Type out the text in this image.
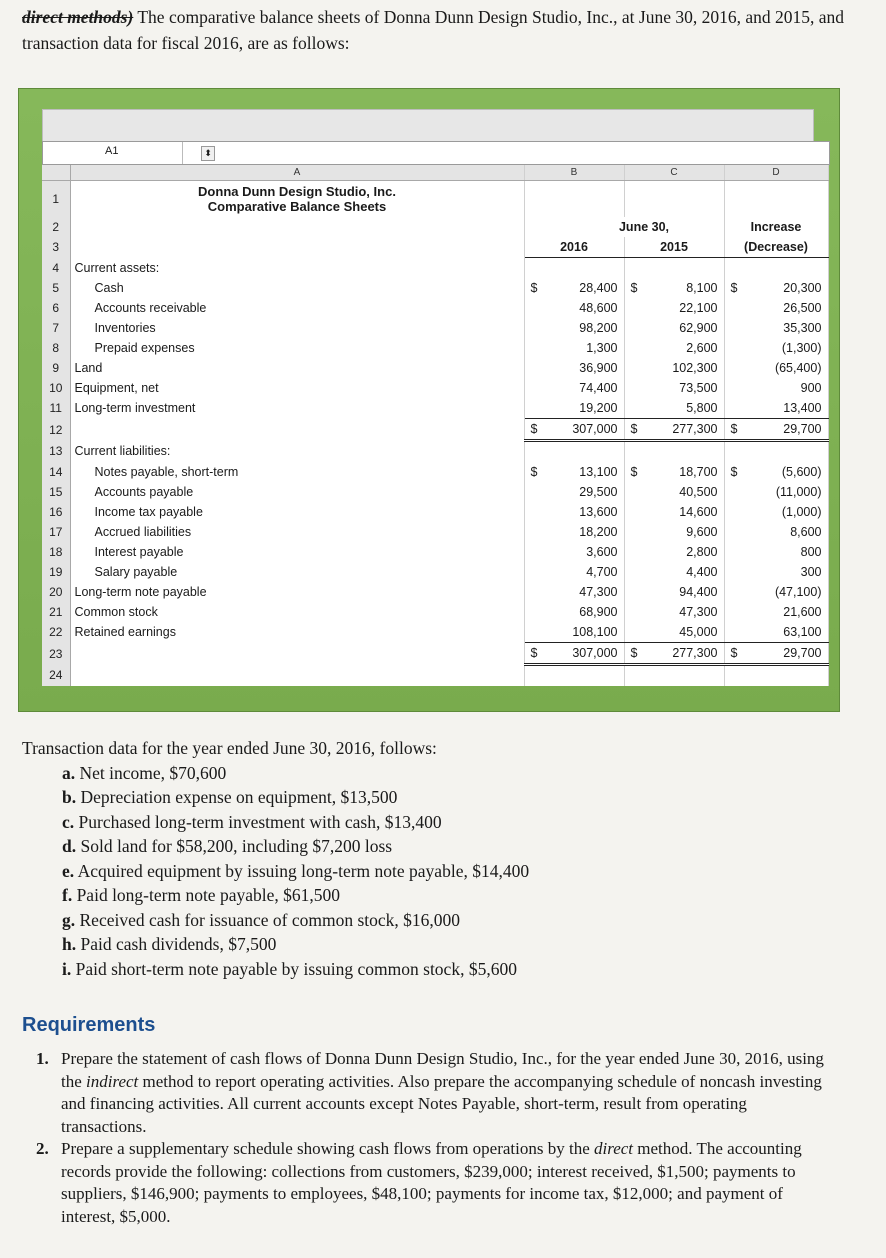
direct methods) The comparative balance sheets of Donna Dunn Design Studio, Inc., at June 30, 2016, and 2015, and transaction data for fiscal 2016, are as follows:
A1	⬍
	A	B	C	D
1	Donna Dunn Design Studio, Inc.
Comparative Balance Sheets			

2		June 30,		Increase
3		2016	2015	(Decrease)
4	Current assets:			
5	Cash	$ 28,400	$ 8,100	$ 20,300
6	Accounts receivable	48,600	22,100	26,500
7	Inventories	98,200	62,900	35,300
8	Prepaid expenses	1,300	2,600	(1,300)
9	Land	36,900	102,300	(65,400)
10	Equipment, net	74,400	73,500	900
11	Long-term investment	19,200	5,800	13,400
12		$ 307,000	$ 277,300	$ 29,700
13	Current liabilities:			
14	Notes payable, short-term	$ 13,100	$ 18,700	$ (5,600)
15	Accounts payable	29,500	40,500	(11,000)
16	Income tax payable	13,600	14,600	(1,000)
17	Accrued liabilities	18,200	9,600	8,600
18	Interest payable	3,600	2,800	800
19	Salary payable	4,700	4,400	300
20	Long-term note payable	47,300	94,400	(47,100)
21	Common stock	68,900	47,300	21,600
22	Retained earnings	108,100	45,000	63,100
23		$ 307,000	$ 277,300	$ 29,700
24				
Transaction data for the year ended June 30, 2016, follows:
a. Net income, $70,600
b. Depreciation expense on equipment, $13,500
c. Purchased long-term investment with cash, $13,400
d. Sold land for $58,200, including $7,200 loss
e. Acquired equipment by issuing long-term note payable, $14,400
f. Paid long-term note payable, $61,500
g. Received cash for issuance of common stock, $16,000
h. Paid cash dividends, $7,500
i. Paid short-term note payable by issuing common stock, $5,600
Requirements
1. Prepare the statement of cash flows of Donna Dunn Design Studio, Inc., for the year ended June 30, 2016, using the indirect method to report operating activities. Also prepare the accompanying schedule of noncash investing and financing activities. All current accounts except Notes Payable, short-term, result from operating transactions.
2. Prepare a supplementary schedule showing cash flows from operations by the direct method. The accounting records provide the following: collections from customers, $239,000; interest received, $1,500; payments to suppliers, $146,900; payments to employees, $48,100; payments for income tax, $12,000; and payment of interest, $5,000.
